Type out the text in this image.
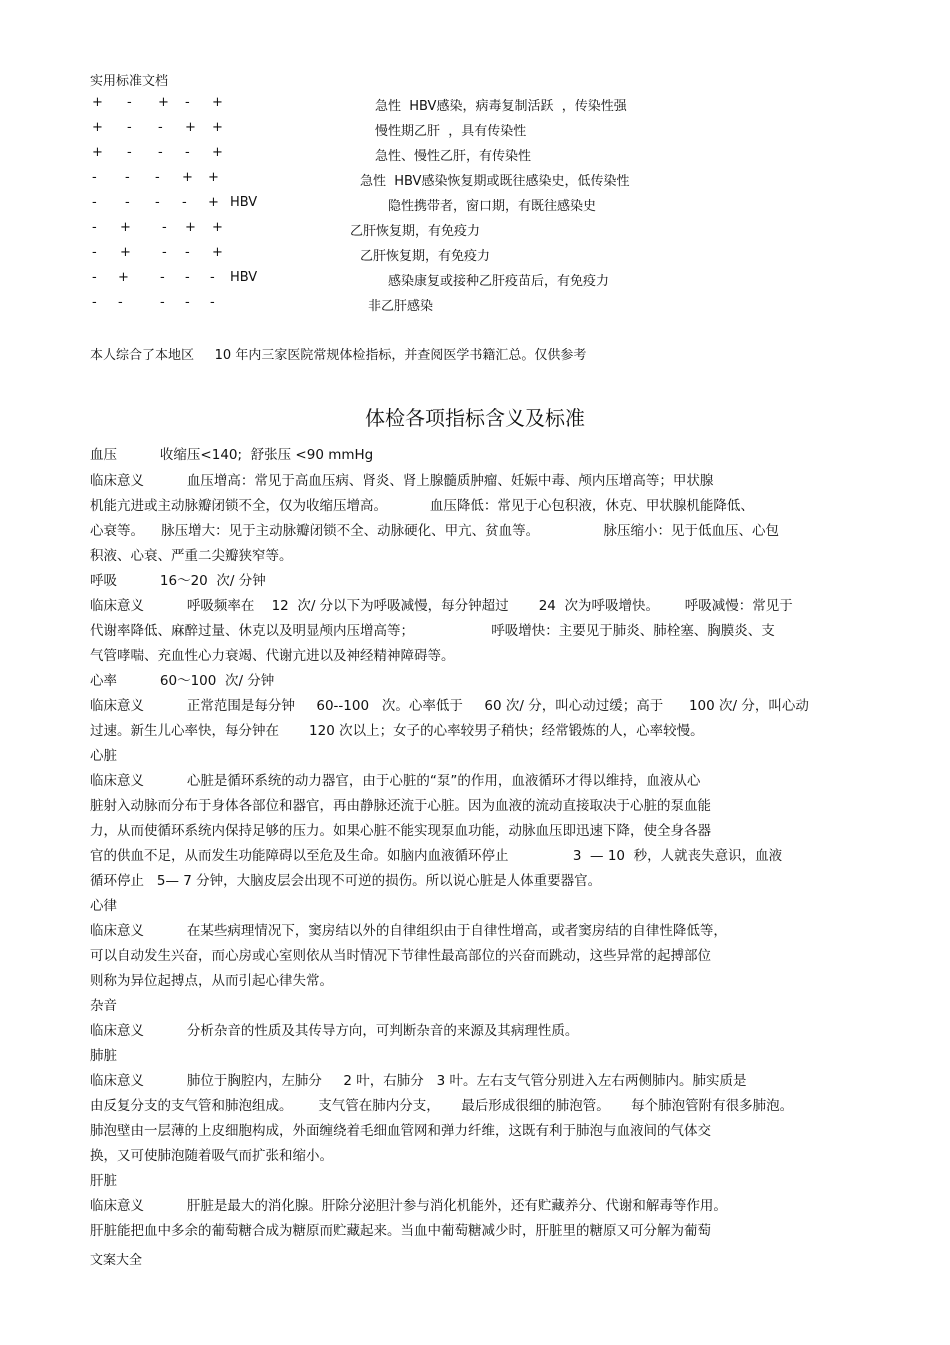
实用标准文档
+ - + - +	急性  HBV感染，病毒复制活跃  ，传染性强
+ - - + +	慢性期乙肝  ，具有传染性
+ - - - +	急性、慢性乙肝，有传染性
- - - + +	急性  HBV感染恢复期或既往感染史，低传染性
- - - - + HBV	隐性携带者，窗口期，有既往感染史
- + - + +	乙肝恢复期，有免疫力
- + - - +	乙肝恢复期，有免疫力
- + - - - HBV	感染康复或接种乙肝疫苗后，有免疫力
- -	- - -	非乙肝感染
本人综合了本地区     10 年内三家医院常规体检指标，并查阅医学书籍汇总。仅供参考
体检各项指标含义及标准
血压          收缩压<140;  舒张压 <90 mmHg
临床意义          血压增高：常见于高血压病、肾炎、肾上腺髓质肿瘤、妊娠中毒、颅内压增高等；甲状腺
机能亢进或主动脉瓣闭锁不全，仅为收缩压增高。          血压降低：常见于心包积液，休克、甲状腺机能降低、
心衰等。    脉压增大：见于主动脉瓣闭锁不全、动脉硬化、甲亢、贫血等。               脉压缩小：见于低血压、心包
积液、心衰、严重二尖瓣狭窄等。
呼吸          16～20  次/ 分钟
临床意义          呼吸频率在    12  次/ 分以下为呼吸减慢，每分钟超过       24  次为呼吸增快。      呼吸减慢：常见于
代谢率降低、麻醉过量、休克以及明显颅内压增高等；                  呼吸增快：主要见于肺炎、肺栓塞、胸膜炎、支
气管哮喘、充血性心力衰竭、代谢亢进以及神经精神障碍等。
心率          60～100  次/ 分钟
临床意义          正常范围是每分钟     60--100   次。心率低于     60 次/ 分，叫心动过缓；高于      100 次/ 分，叫心动
过速。新生儿心率快，每分钟在       120 次以上；女子的心率较男子稍快；经常锻炼的人，心率较慢。
心脏
临床意义          心脏是循环系统的动力器官，由于心脏的“泵”的作用，血液循环才得以维持，血液从心
脏射入动脉而分布于身体各部位和器官，再由静脉还流于心脏。因为血液的流动直接取决于心脏的泵血能
力，从而使循环系统内保持足够的压力。如果心脏不能实现泵血功能，动脉血压即迅速下降，使全身各器
官的供血不足，从而发生功能障碍以至危及生命。如脑内血液循环停止               3  — 10  秒，人就丧失意识，血液
循环停止   5— 7 分钟，大脑皮层会出现不可逆的损伤。所以说心脏是人体重要器官。
心律
临床意义          在某些病理情况下，窦房结以外的自律组织由于自律性增高，或者窦房结的自律性降低等，
可以自动发生兴奋，而心房或心室则依从当时情况下节律性最高部位的兴奋而跳动，这些异常的起搏部位
则称为异位起搏点，从而引起心律失常。
杂音
临床意义          分析杂音的性质及其传导方向，可判断杂音的来源及其病理性质。
肺脏
临床意义          肺位于胸腔内，左肺分     2 叶，右肺分   3 叶。左右支气管分别进入左右两侧肺内。肺实质是
由反复分支的支气管和肺泡组成。      支气管在肺内分支，     最后形成很细的肺泡管。     每个肺泡管附有很多肺泡。
肺泡壁由一层薄的上皮细胞构成，外面缠绕着毛细血管网和弹力纤维，这既有利于肺泡与血液间的气体交
换，又可使肺泡随着吸气而扩张和缩小。
肝脏
临床意义          肝脏是最大的消化腺。肝除分泌胆汁参与消化机能外，还有贮藏养分、代谢和解毒等作用。
肝脏能把血中多余的葡萄糖合成为糖原而贮藏起来。当血中葡萄糖减少时，肝脏里的糖原又可分解为葡萄
文案大全
